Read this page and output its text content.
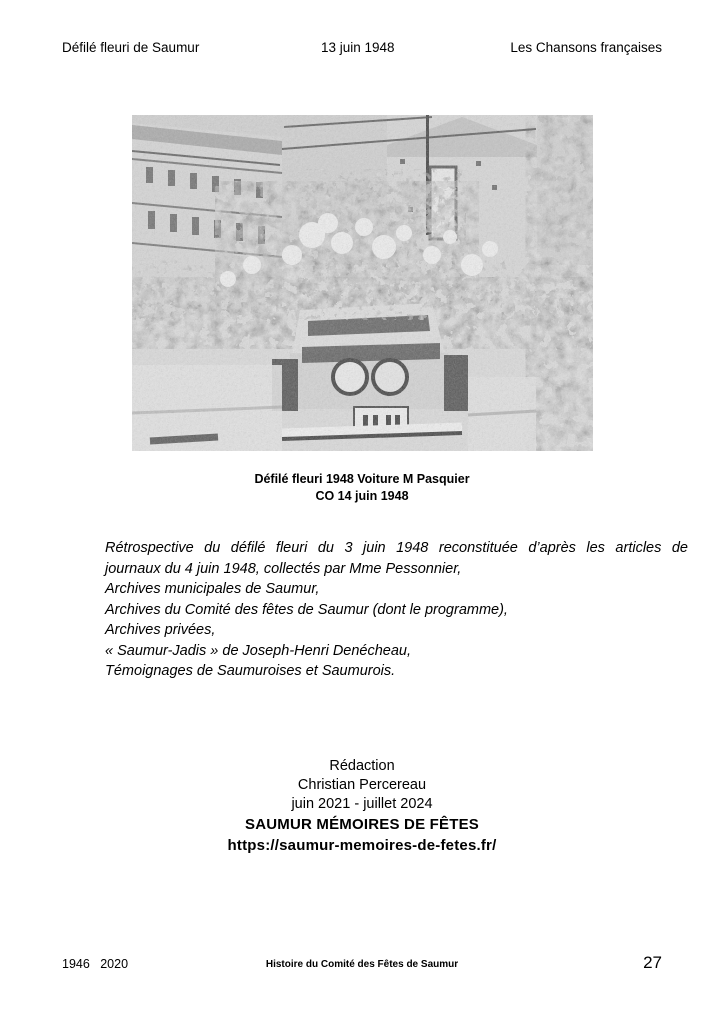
Défilé fleuri de Saumur	13 juin 1948	Les Chansons françaises
Défilé fleuri 1948 Voiture M Pasquier
CO 14 juin 1948
Rétrospective du défilé fleuri du 3 juin 1948 reconstituée d’après les articles de
journaux du 4 juin 1948, collectés par Mme Pessonnier,
Archives municipales de Saumur,
Archives du Comité des fêtes de Saumur (dont le programme),
Archives privées,
« Saumur-Jadis » de Joseph-Henri Denécheau,
Témoignages de Saumuroises et Saumurois.
Rédaction
Christian Percereau
juin 2021 - juillet 2024
SAUMUR MÉMOIRES DE FÊTES
https://saumur-memoires-de-fetes.fr/
1946   2020	Histoire du Comité des Fêtes de Saumur	27
